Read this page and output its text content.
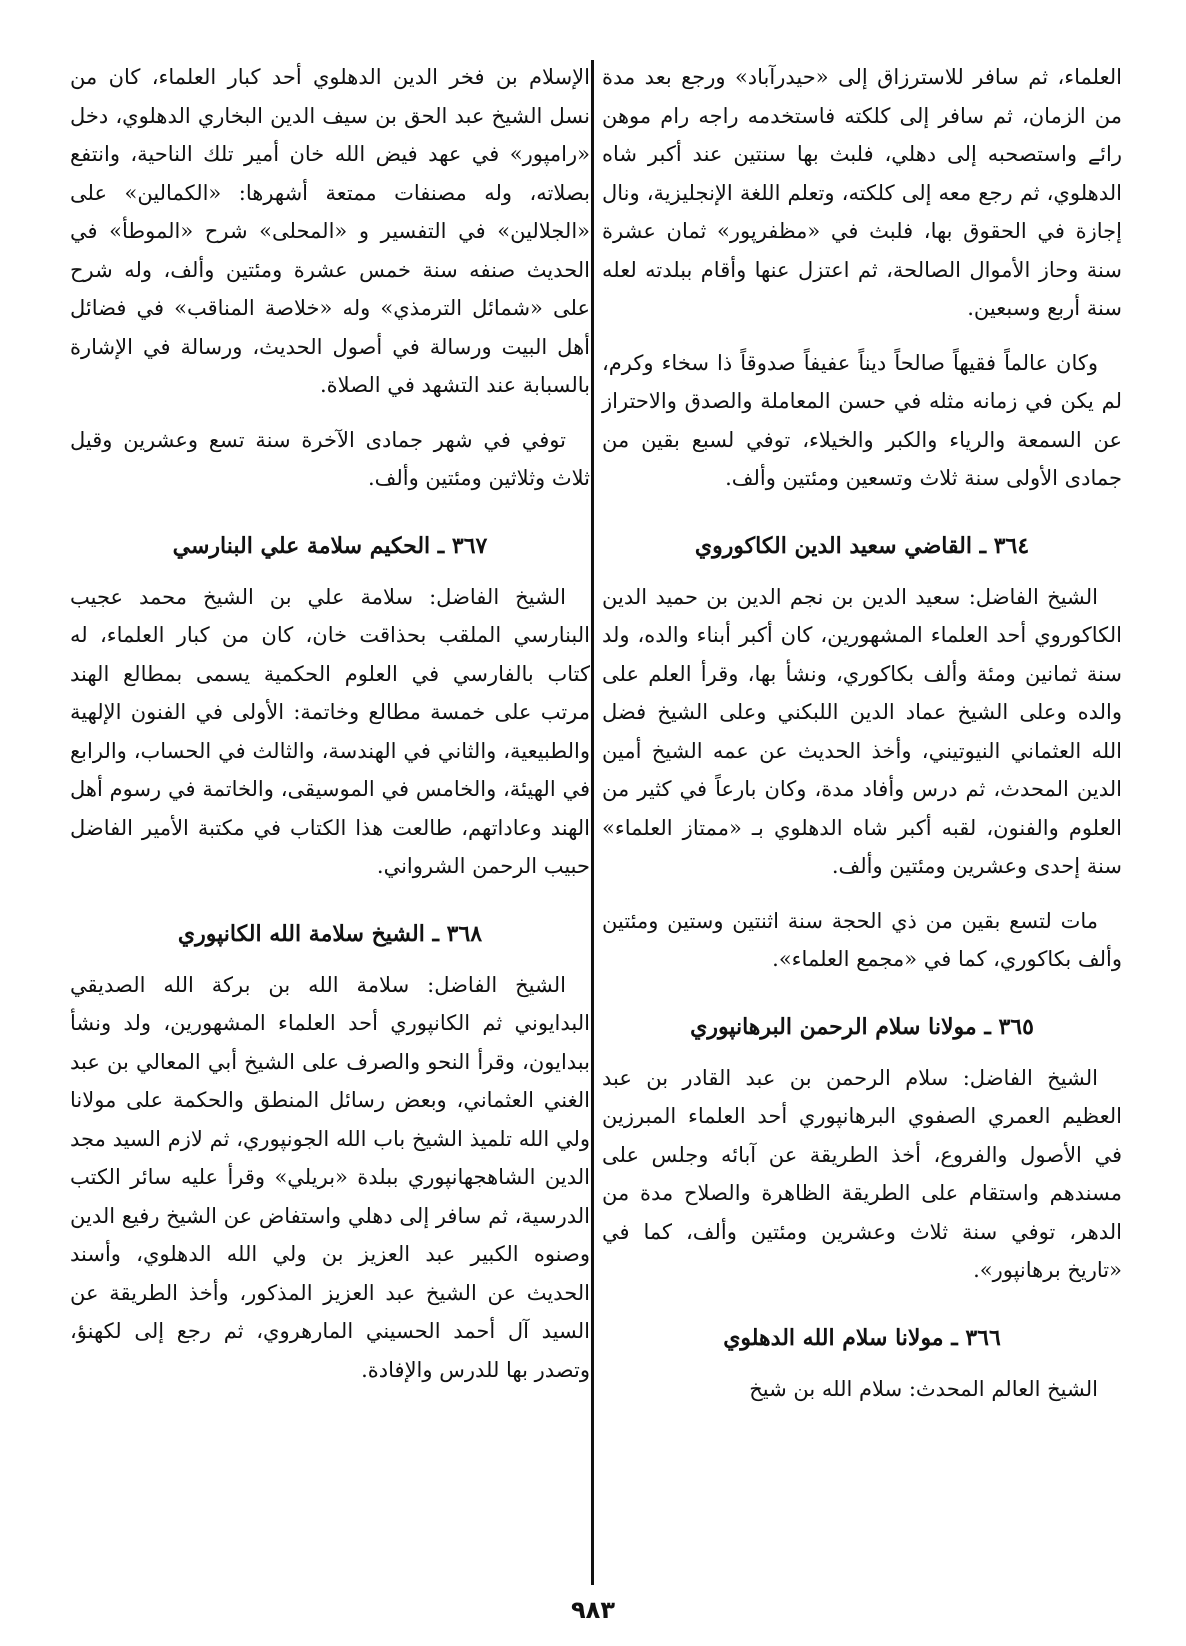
العلماء، ثم سافر للاسترزاق إلى «حيدرآباد» ورجع بعد مدة من الزمان، ثم سافر إلى كلكته فاستخدمه راجه رام موهن رائے واستصحبه إلى دهلي، فلبث بها سنتين عند أكبر شاه الدهلوي، ثم رجع معه إلى كلكته، وتعلم اللغة الإنجليزية، ونال إجازة في الحقوق بها، فلبث في «مظفرپور» ثمان عشرة سنة وحاز الأموال الصالحة، ثم اعتزل عنها وأقام ببلدته لعله سنة أربع وسبعين.

وكان عالماً فقيهاً صالحاً ديناً عفيفاً صدوقاً ذا سخاء وكرم، لم يكن في زمانه مثله في حسن المعاملة والصدق والاحتراز عن السمعة والرياء والكبر والخيلاء، توفي لسبع بقين من جمادى الأولى سنة ثلاث وتسعين ومئتين وألف.

٣٦٤ ـ القاضي سعيد الدين الكاكوروي

الشيخ الفاضل: سعيد الدين بن نجم الدين بن حميد الدين الكاكوروي أحد العلماء المشهورين، كان أكبر أبناء والده، ولد سنة ثمانين ومئة وألف بكاكوري، ونشأ بها، وقرأ العلم على والده وعلى الشيخ عماد الدين اللبكني وعلى الشيخ فضل الله العثماني النيوتيني، وأخذ الحديث عن عمه الشيخ أمين الدين المحدث، ثم درس وأفاد مدة، وكان بارعاً في كثير من العلوم والفنون، لقبه أكبر شاه الدهلوي بـ «ممتاز العلماء» سنة إحدى وعشرين ومئتين وألف.

مات لتسع بقين من ذي الحجة سنة اثنتين وستين ومئتين وألف بكاكوري، كما في «مجمع العلماء».

٣٦٥ ـ مولانا سلام الرحمن البرهانپوري

الشيخ الفاضل: سلام الرحمن بن عبد القادر بن عبد العظيم العمري الصفوي البرهانپوري أحد العلماء المبرزين في الأصول والفروع، أخذ الطريقة عن آبائه وجلس على مسندهم واستقام على الطريقة الظاهرة والصلاح مدة من الدهر، توفي سنة ثلاث وعشرين ومئتين وألف، كما في «تاريخ برهانپور».

٣٦٦ ـ مولانا سلام الله الدهلوي

الشيخ العالم المحدث: سلام الله بن شيخ

الإسلام بن فخر الدين الدهلوي أحد كبار العلماء، كان من نسل الشيخ عبد الحق بن سيف الدين البخاري الدهلوي، دخل «رامپور» في عهد فيض الله خان أمير تلك الناحية، وانتفع بصلاته، وله مصنفات ممتعة أشهرها: «الكمالين» على «الجلالين» في التفسير و «المحلى» شرح «الموطأ» في الحديث صنفه سنة خمس عشرة ومئتين وألف، وله شرح على «شمائل الترمذي» وله «خلاصة المناقب» في فضائل أهل البيت ورسالة في أصول الحديث، ورسالة في الإشارة بالسبابة عند التشهد في الصلاة.

توفي في شهر جمادى الآخرة سنة تسع وعشرين وقيل ثلاث وثلاثين ومئتين وألف.

٣٦٧ ـ الحكيم سلامة علي البنارسي

الشيخ الفاضل: سلامة علي بن الشيخ محمد عجيب البنارسي الملقب بحذاقت خان، كان من كبار العلماء، له كتاب بالفارسي في العلوم الحكمية يسمى بمطالع الهند مرتب على خمسة مطالع وخاتمة: الأولى في الفنون الإلهية والطبيعية، والثاني في الهندسة، والثالث في الحساب، والرابع في الهيئة، والخامس في الموسيقى، والخاتمة في رسوم أهل الهند وعاداتهم، طالعت هذا الكتاب في مكتبة الأمير الفاضل حبيب الرحمن الشرواني.

٣٦٨ ـ الشيخ سلامة الله الكانپوري

الشيخ الفاضل: سلامة الله بن بركة الله الصديقي البدايوني ثم الكانپوري أحد العلماء المشهورين، ولد ونشأ ببدايون، وقرأ النحو والصرف على الشيخ أبي المعالي بن عبد الغني العثماني، وبعض رسائل المنطق والحكمة على مولانا ولي الله تلميذ الشيخ باب الله الجونپوري، ثم لازم السيد مجد الدين الشاهجهانپوري ببلدة «بريلي» وقرأ عليه سائر الكتب الدرسية، ثم سافر إلى دهلي واستفاض عن الشيخ رفيع الدين وصنوه الكبير عبد العزيز بن ولي الله الدهلوي، وأسند الحديث عن الشيخ عبد العزيز المذكور، وأخذ الطريقة عن السيد آل أحمد الحسيني المارهروي، ثم رجع إلى لكهنؤ، وتصدر بها للدرس والإفادة.

٩٨٣
